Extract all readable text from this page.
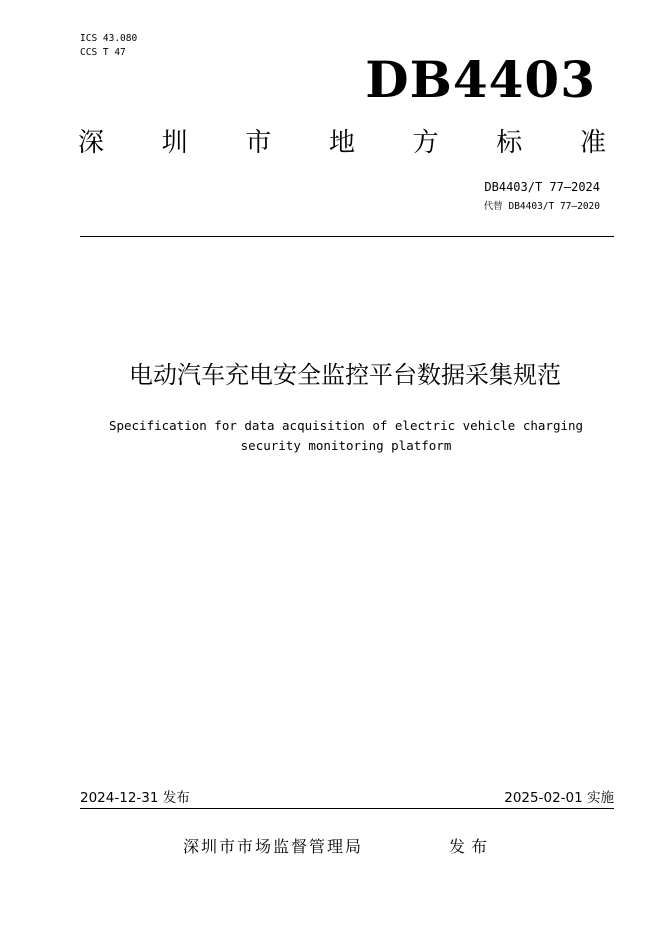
ICS 43.080
CCS T 47	DB4403
深 圳 市 地 方 标 准
DB4403/T 77—2024
代替 DB4403/T 77—2020
电动汽车充电安全监控平台数据采集规范
Specification for data acquisition of electric vehicle charging security monitoring platform
2024-12-31 发布	2025-02-01 实施
深圳市市场监督管理局	发布
